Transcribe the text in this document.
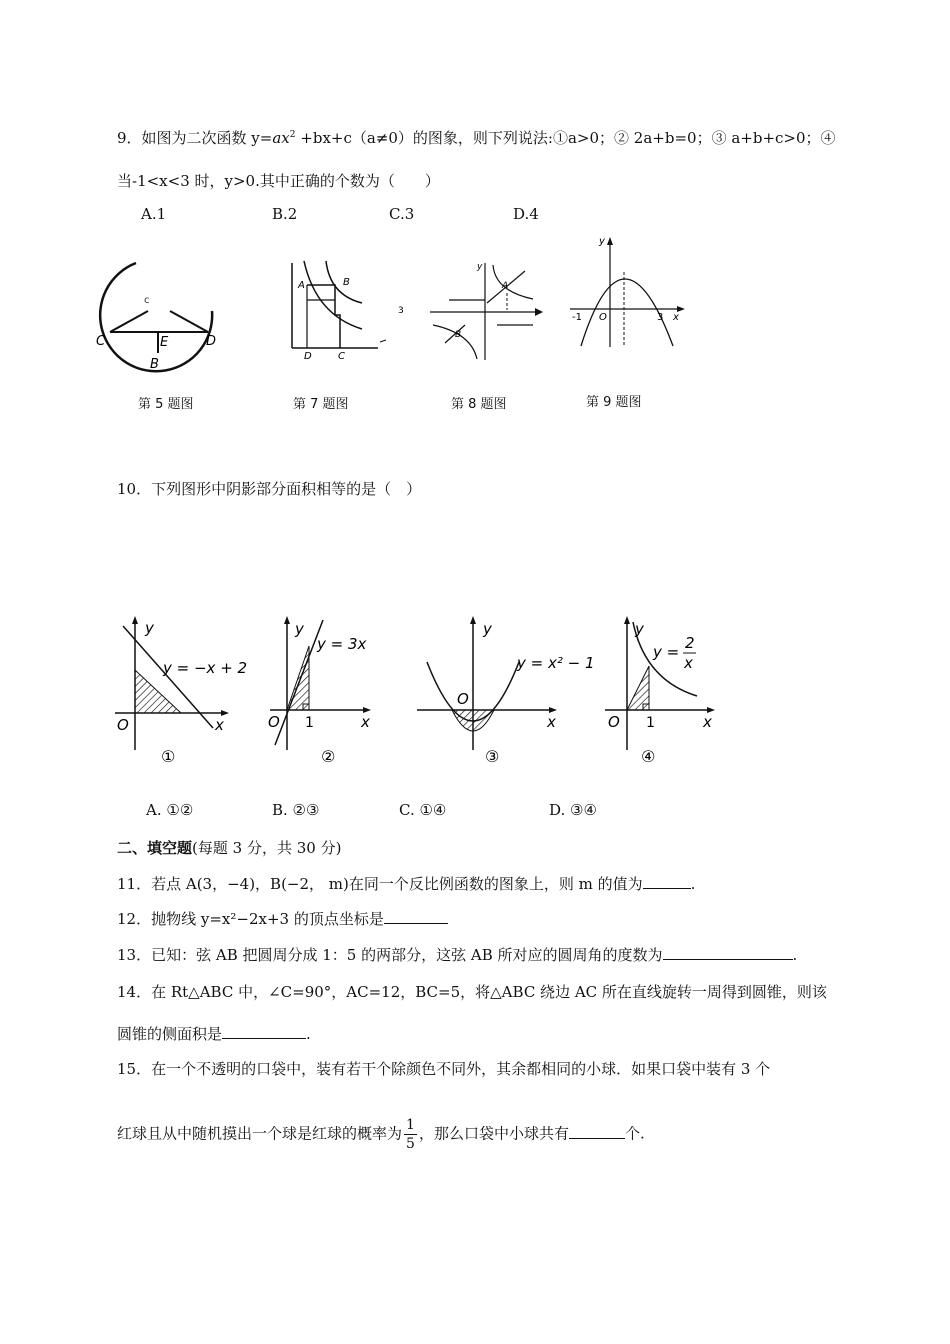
9．如图为二次函数 $y=ax^2 +bx+c(a\ne 0)$的图象，则下列说法:①a>0；② 2a+b=0；③ a+b+c>0；④
当-1<x<3 时，y>0.其中正确的个数为（　　）
A.1	B.2	C.3	D.4
c
C	E
B
D
3
A	B
D	C
y
A
B
y
-1 O	3 x
第 5 题图	第 7 题图	第 8 题图	第 9 题图
10．下列图形中阴影部分面积相等的是（　）
y
x
O
y = −x + 2
①
y
x
O 1
y = 3x
②
y
x
O
y = x² − 1
③
y
x
O 1
y = 2
x
④
A. ①②	B. ②③	C. ①④	D. ③④
二、填空题(每题 3 分，共 30 分)
11．若点 A(3，−4)，B(−2， m)在同一个反比例函数的图象上，则 m 的值为	.
12．抛物线 y=x²−2x+3 的顶点坐标是
13．已知：弦 AB 把圆周分成 1：5 的两部分，这弦 AB 所对应的圆周角的度数为	.
14．在 Rt△ABC 中，∠C=90°，AC=12，BC=5，将△ABC 绕边 AC 所在直线旋转一周得到圆锥，则该
圆锥的侧面积是	.
15．在一个不透明的口袋中，装有若干个除颜色不同外，其余都相同的小球．如果口袋中装有 3 个
红球且从中随机摸出一个球是红球的概率为 $\frac{1}{5}$ ，那么口袋中小球共有	个.
